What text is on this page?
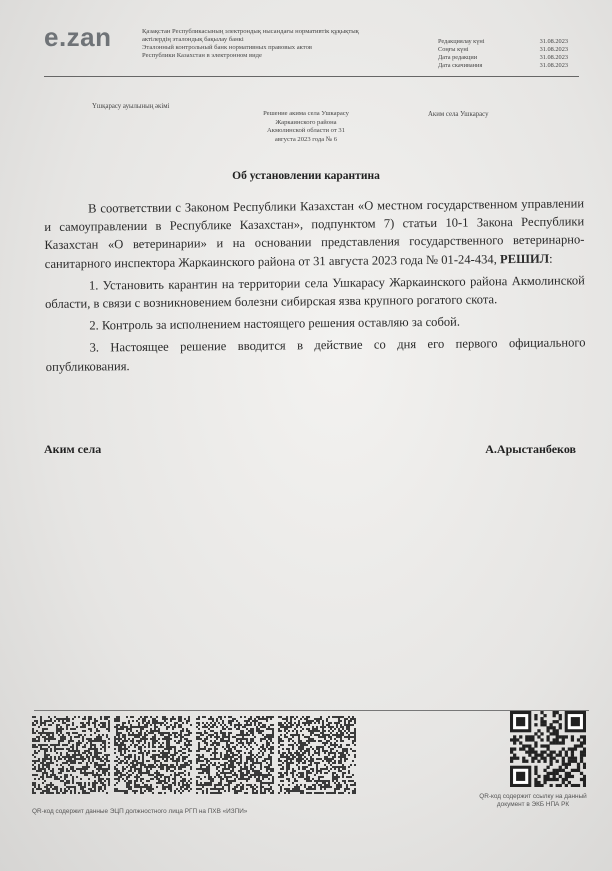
e.zan	Қазақстан Республикасының электрондық нысандағы нормативтік құқықтық
актілердің эталондық бақылау банкі
Эталонный контрольный банк нормативных правовых актов
Республики Казахстан в электронном виде
Редакциялау күні	31.08.2023
Соңғы күні	31.08.2023
Дата редакции	31.08.2023
Дата скачивания	31.08.2023
Үшқарасу ауылының әкімі
Решение акима села Ушкарасу
Жаркаинского района
Акмолинской области от 31
августа 2023 года № 6
Аким села Ушкарасу
Об установлении карантина

В соответствии с Законом Республики Казахстан «О местном государственном управлении и самоуправлении в Республике Казахстан», подпунктом 7) статьи 10-1 Закона Республики Казахстан «О ветеринарии» и на основании представления государственного ветеринарно-санитарного инспектора Жаркаинского района от 31 августа 2023 года № 01-24-434, РЕШИЛ:

1. Установить карантин на территории села Ушкарасу Жаркаинского района Акмолинской области, в связи с возникновением болезни сибирская язва крупного рогатого скота.

2. Контроль за исполнением настоящего решения оставляю за собой.

3. Настоящее решение вводится в действие со дня его первого официального опубликования.

Аким села	А.Арыстанбеков
QR-код содержит данные ЭЦП должностного лица РГП на ПХВ «ИЗПИ»
QR-код содержит ссылку на данный документ в ЭКБ НПА РК
